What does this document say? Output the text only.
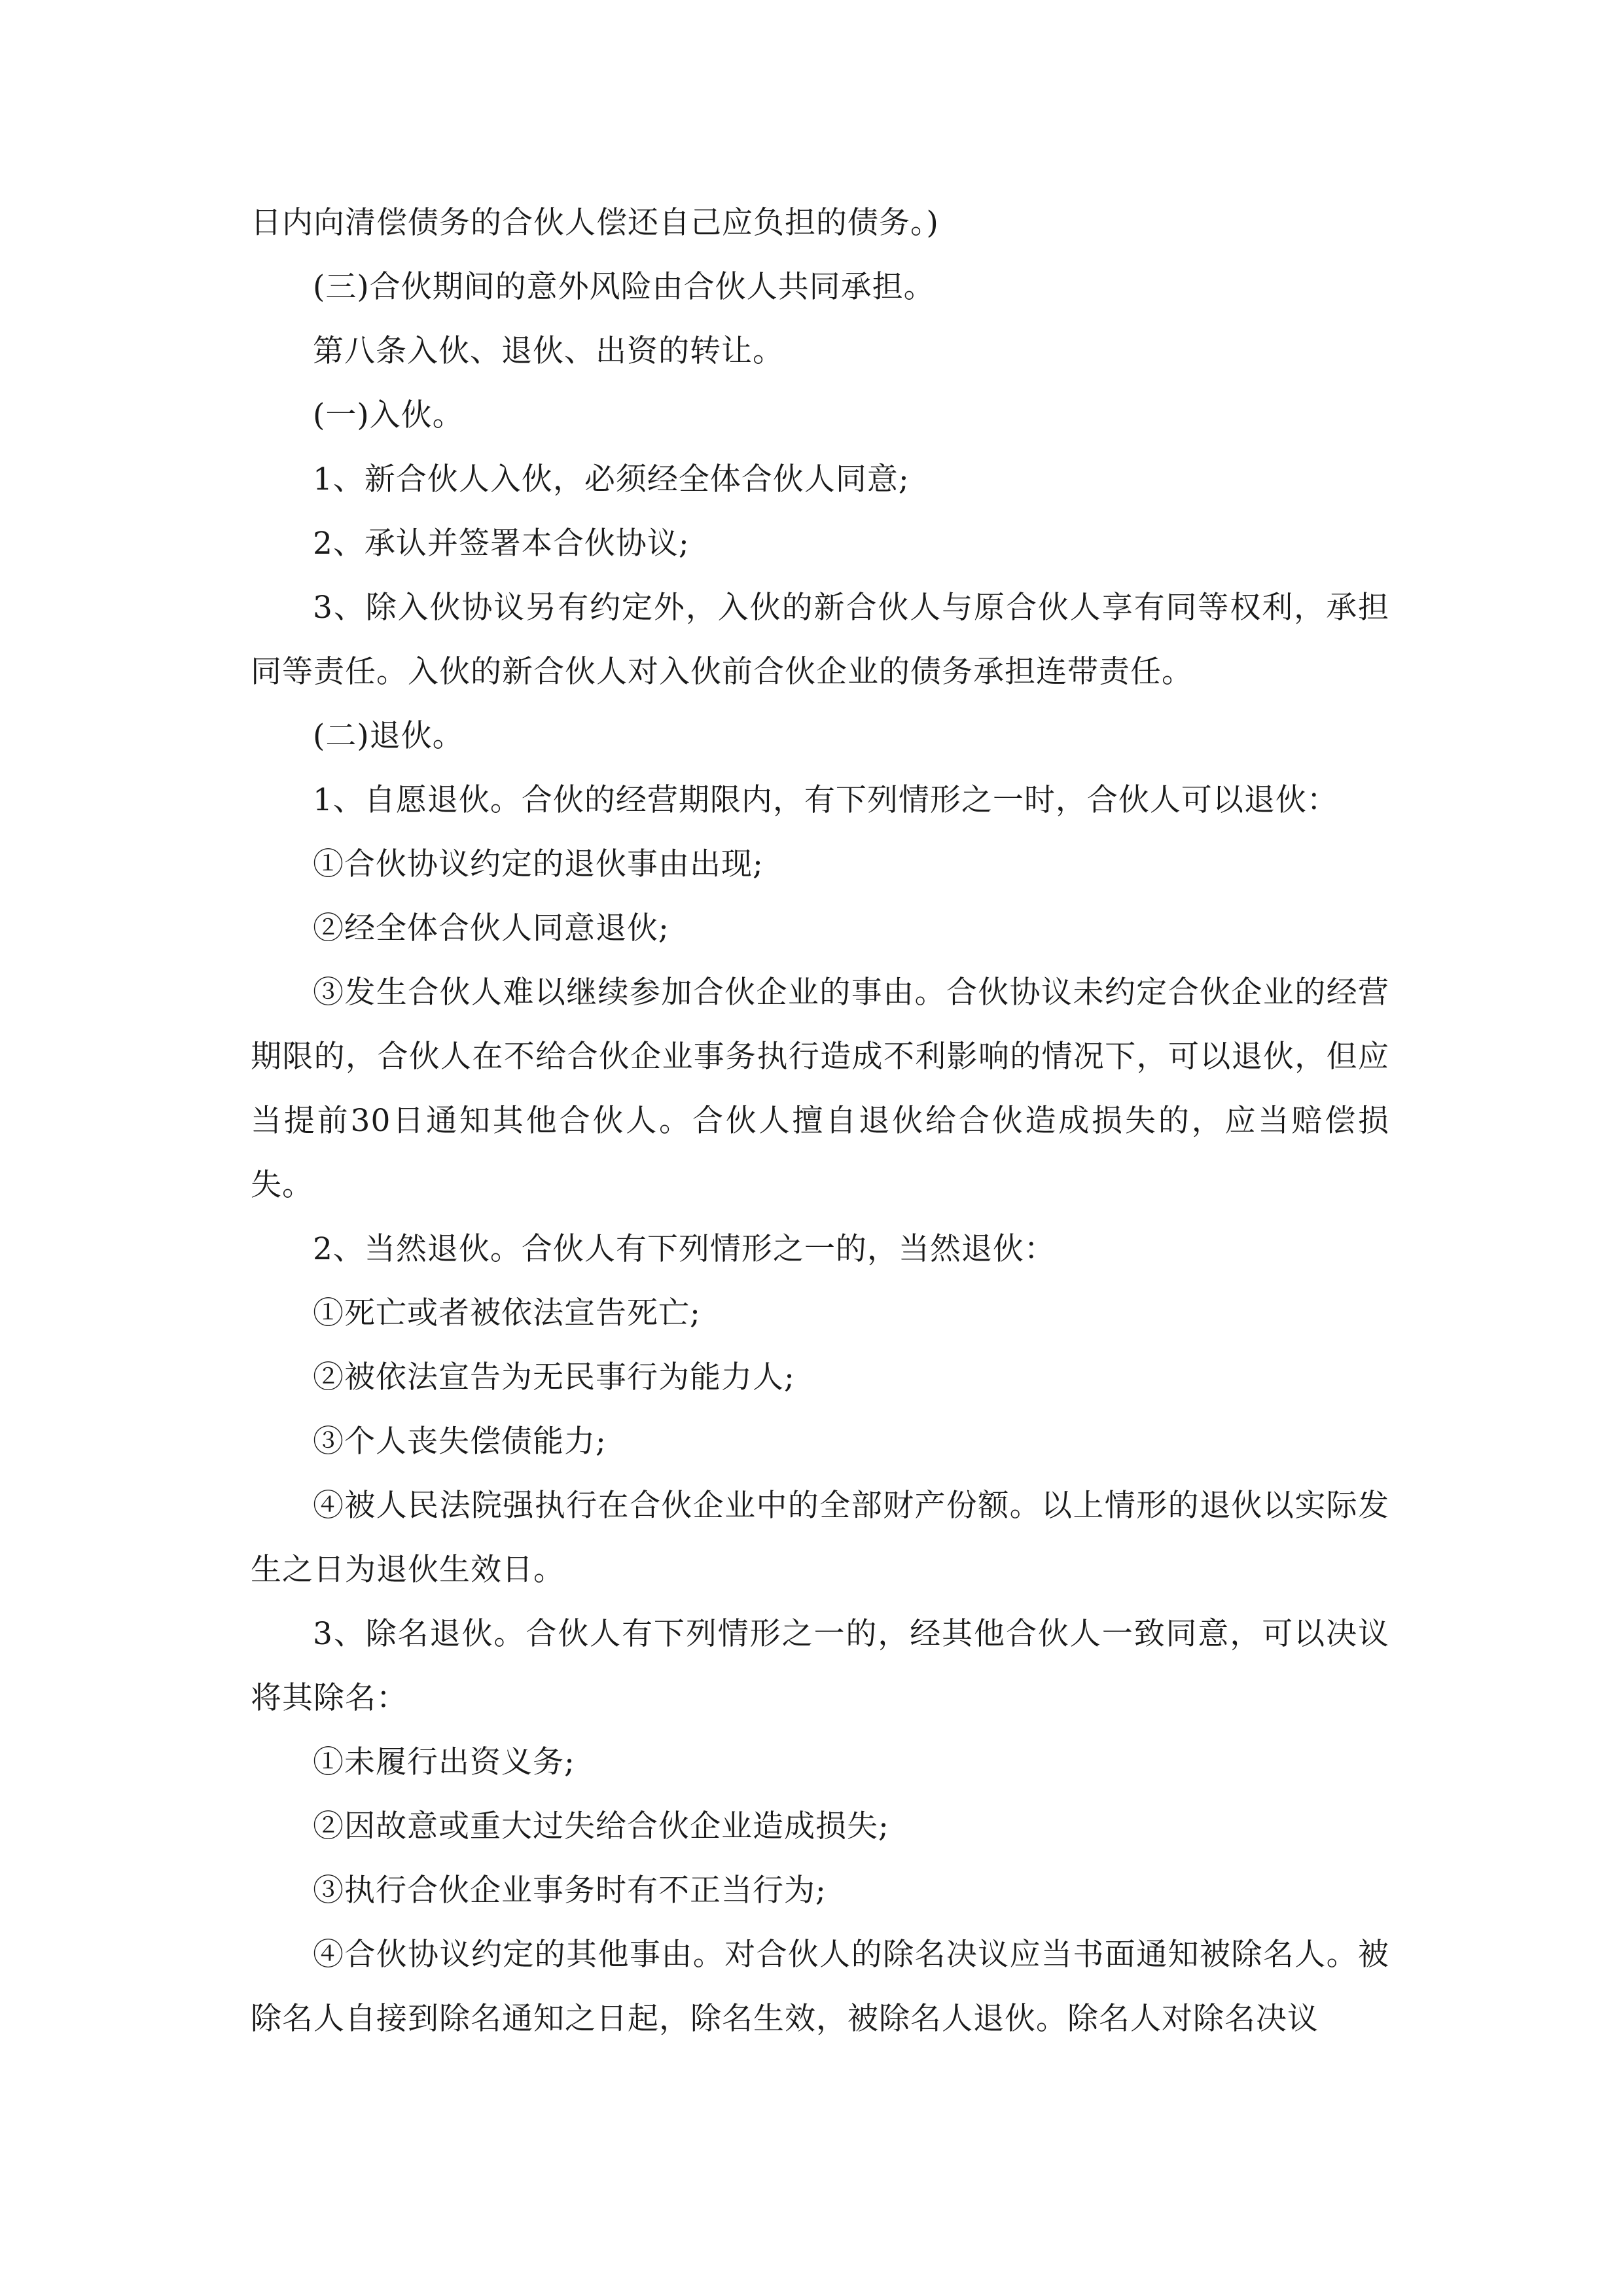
日内向清偿债务的合伙人偿还自己应负担的债务。)

(三)合伙期间的意外风险由合伙人共同承担。

第八条入伙、退伙、出资的转让。

(一)入伙。

1、新合伙人入伙，必须经全体合伙人同意;

2、承认并签署本合伙协议;

3、除入伙协议另有约定外，入伙的新合伙人与原合伙人享有同等权利，承担同等责任。入伙的新合伙人对入伙前合伙企业的债务承担连带责任。

(二)退伙。

1、自愿退伙。合伙的经营期限内，有下列情形之一时，合伙人可以退伙：

①合伙协议约定的退伙事由出现;

②经全体合伙人同意退伙;

③发生合伙人难以继续参加合伙企业的事由。合伙协议未约定合伙企业的经营期限的，合伙人在不给合伙企业事务执行造成不利影响的情况下，可以退伙，但应当提前30日通知其他合伙人。合伙人擅自退伙给合伙造成损失的，应当赔偿损失。

2、当然退伙。合伙人有下列情形之一的，当然退伙：

①死亡或者被依法宣告死亡;

②被依法宣告为无民事行为能力人;

③个人丧失偿债能力;

④被人民法院强执行在合伙企业中的全部财产份额。以上情形的退伙以实际发生之日为退伙生效日。

3、除名退伙。合伙人有下列情形之一的，经其他合伙人一致同意，可以决议将其除名：

①未履行出资义务;

②因故意或重大过失给合伙企业造成损失;

③执行合伙企业事务时有不正当行为;

④合伙协议约定的其他事由。对合伙人的除名决议应当书面通知被除名人。被除名人自接到除名通知之日起，除名生效，被除名人退伙。除名人对除名决议
